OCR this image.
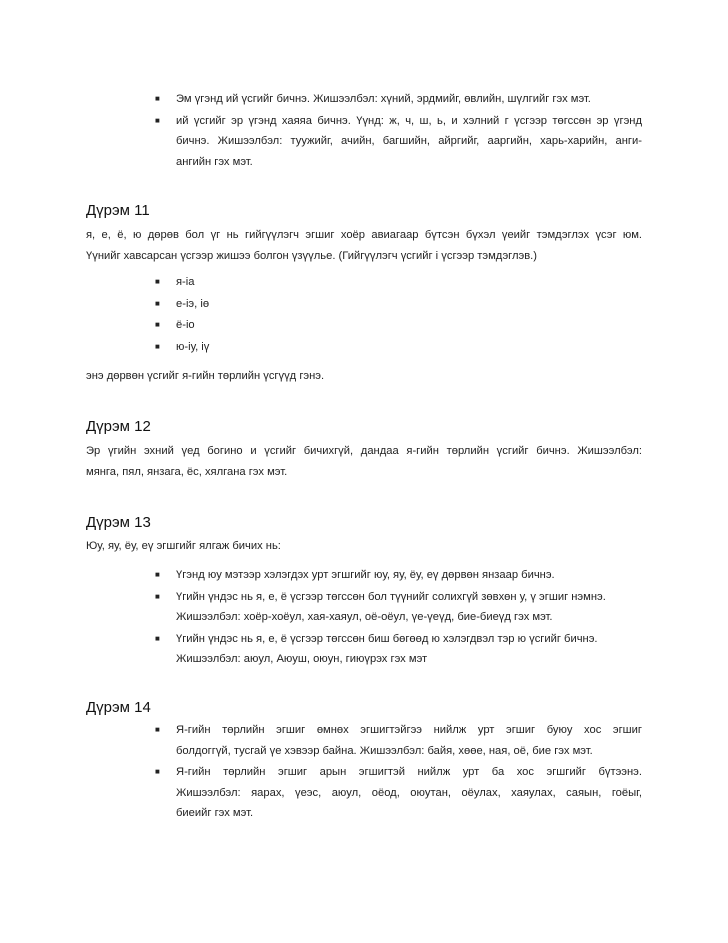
■ Эм үгэнд ий үсгийг бичнэ. Жишээлбэл: хүний, эрдмийг, өвлийн, шүлгийг гэх мэт.
■ ий үсгийг эр үгэнд хаяяа бичнэ. Үүнд: ж, ч, ш, ь, и хэлний г үсгээр төгссөн эр үгэнд
бичнэ. Жишээлбэл: туужийг, ачийн, багшийн, айргийг, ааргийн, харь-харийн, анги-
ангийн гэх мэт.
Дүрэм 11
я, е, ё, ю дөрөв бол үг нь гийгүүлэгч эгшиг хоёр авиагаар бүтсэн бүхэл үеийг тэмдэглэх үсэг юм.
Үүнийг хавсарсан үсгээр жишээ болгон үзүүлье. (Гийгүүлэгч үсгийг і үсгээр тэмдэглэв.)
■ я-іа
■ е-іэ, іө
■ ё-іо
■ ю-іу, іү
энэ дөрвөн үсгийг я-гийн төрлийн үсгүүд гэнэ.
Дүрэм 12
Эр үгийн эхний үед богино и үсгийг бичихгүй, дандаа я-гийн төрлийн үсгийг бичнэ. Жишээлбэл:
мянга, пял, янзага, ёс, хялгана гэх мэт.
Дүрэм 13
Юу, яу, ёу, еү эгшгийг ялгаж бичих нь:
■ Үгэнд юу мэтээр хэлэгдэх урт эгшгийг юу, яу, ёу, еү дөрвөн янзаар бичнэ.
■ Үгийн үндэс нь я, е, ё үсгээр төгссөн бол түүнийг солихгүй зөвхөн у, ү эгшиг нэмнэ.
Жишээлбэл: хоёр-хоёул, хая-хаяул, оё-оёул, үе-үеүд, бие-биеүд гэх мэт.
■ Үгийн үндэс нь я, е, ё үсгээр төгссөн биш бөгөөд ю хэлэгдвэл тэр ю үсгийг бичнэ.
Жишээлбэл: аюул, Аюуш, оюун, гиюүрэх гэх мэт
Дүрэм 14
■ Я-гийн төрлийн эгшиг өмнөх эгшигтэйгээ нийлж урт эгшиг буюу хос эгшиг
болдоггүй, тусгай үе хэвээр байна. Жишээлбэл: байя, хөөе, ная, оё, бие гэх мэт.
■ Я-гийн төрлийн эгшиг арын эгшигтэй нийлж урт ба хос эгшгийг бүтээнэ.
Жишээлбэл: яарах, үеэс, аюул, оёод, оюутан, оёулах, хаяулах, саяын, гоёыг,
биеийг гэх мэт.
